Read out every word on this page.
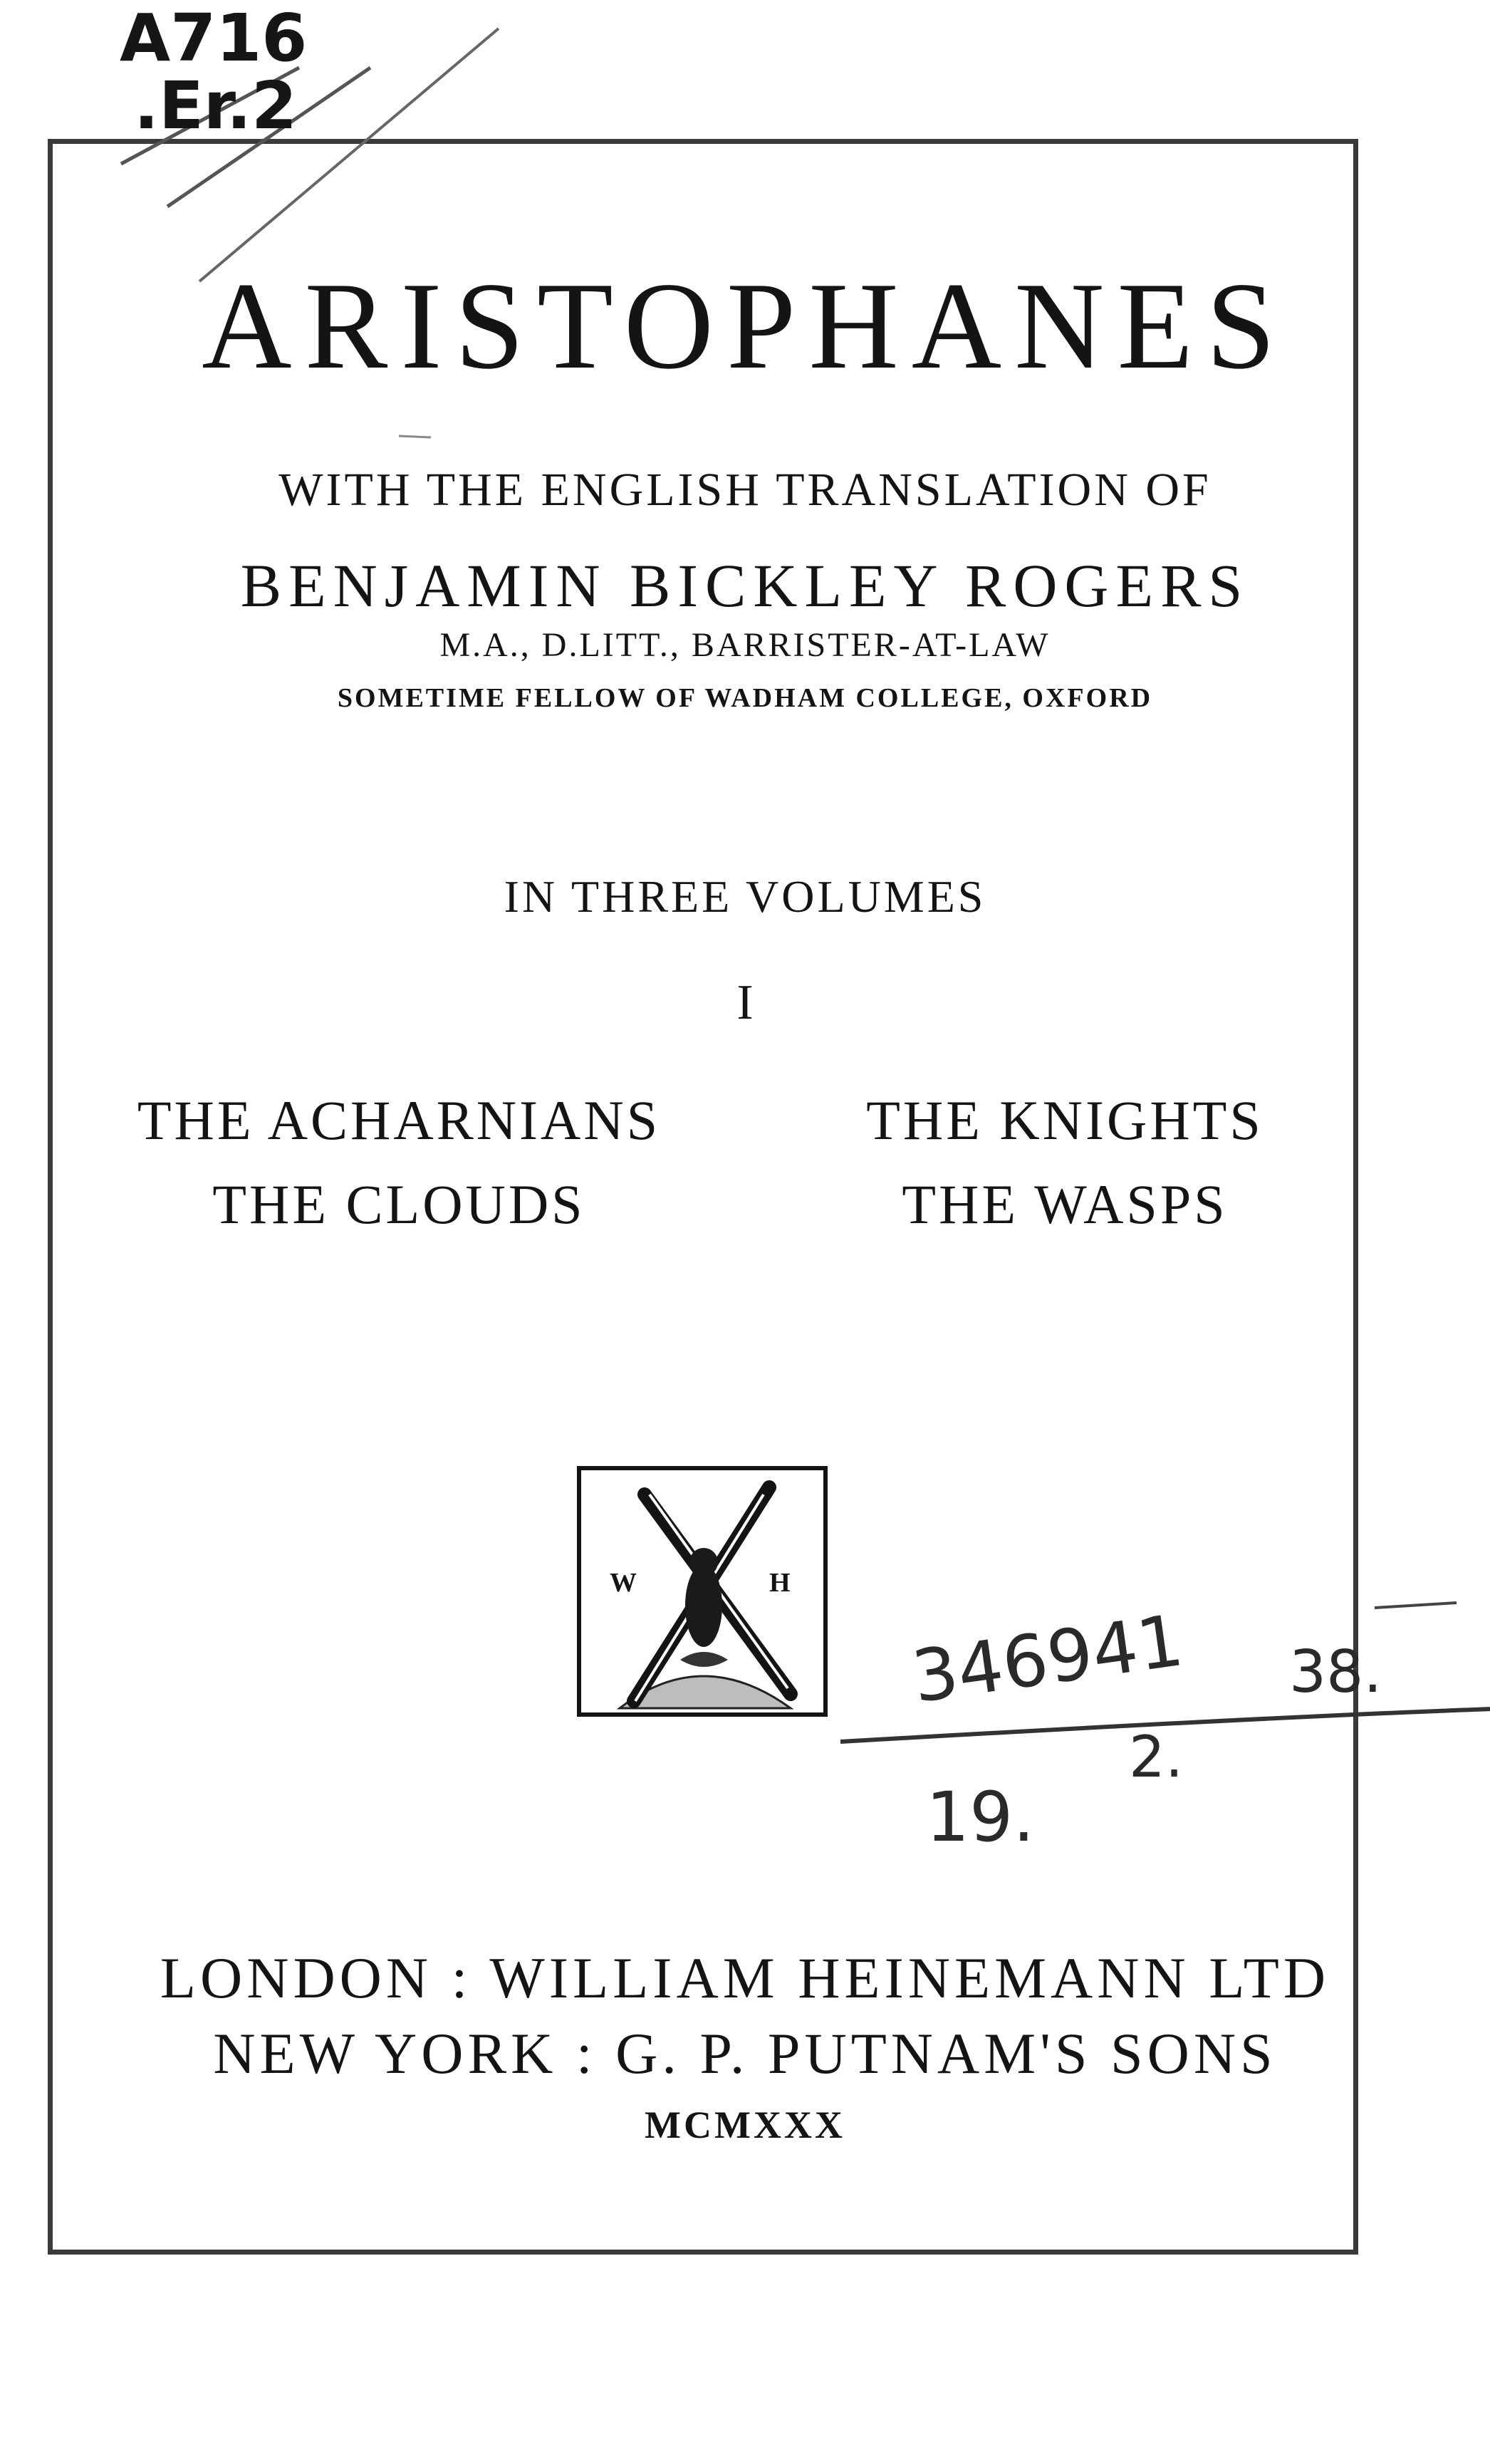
A716
.Er.2
ARISTOPHANES
WITH THE ENGLISH TRANSLATION OF
BENJAMIN BICKLEY ROGERS
M.A., D.LITT., BARRISTER-AT-LAW
SOMETIME FELLOW OF WADHAM COLLEGE, OXFORD
IN THREE VOLUMES
I
THE ACHARNIANS	THE KNIGHTS
THE CLOUDS	THE WASPS
W	H
346941 38.
2.
19.
LONDON : WILLIAM HEINEMANN LTD
NEW YORK : G. P. PUTNAM'S SONS
MCMXXX
